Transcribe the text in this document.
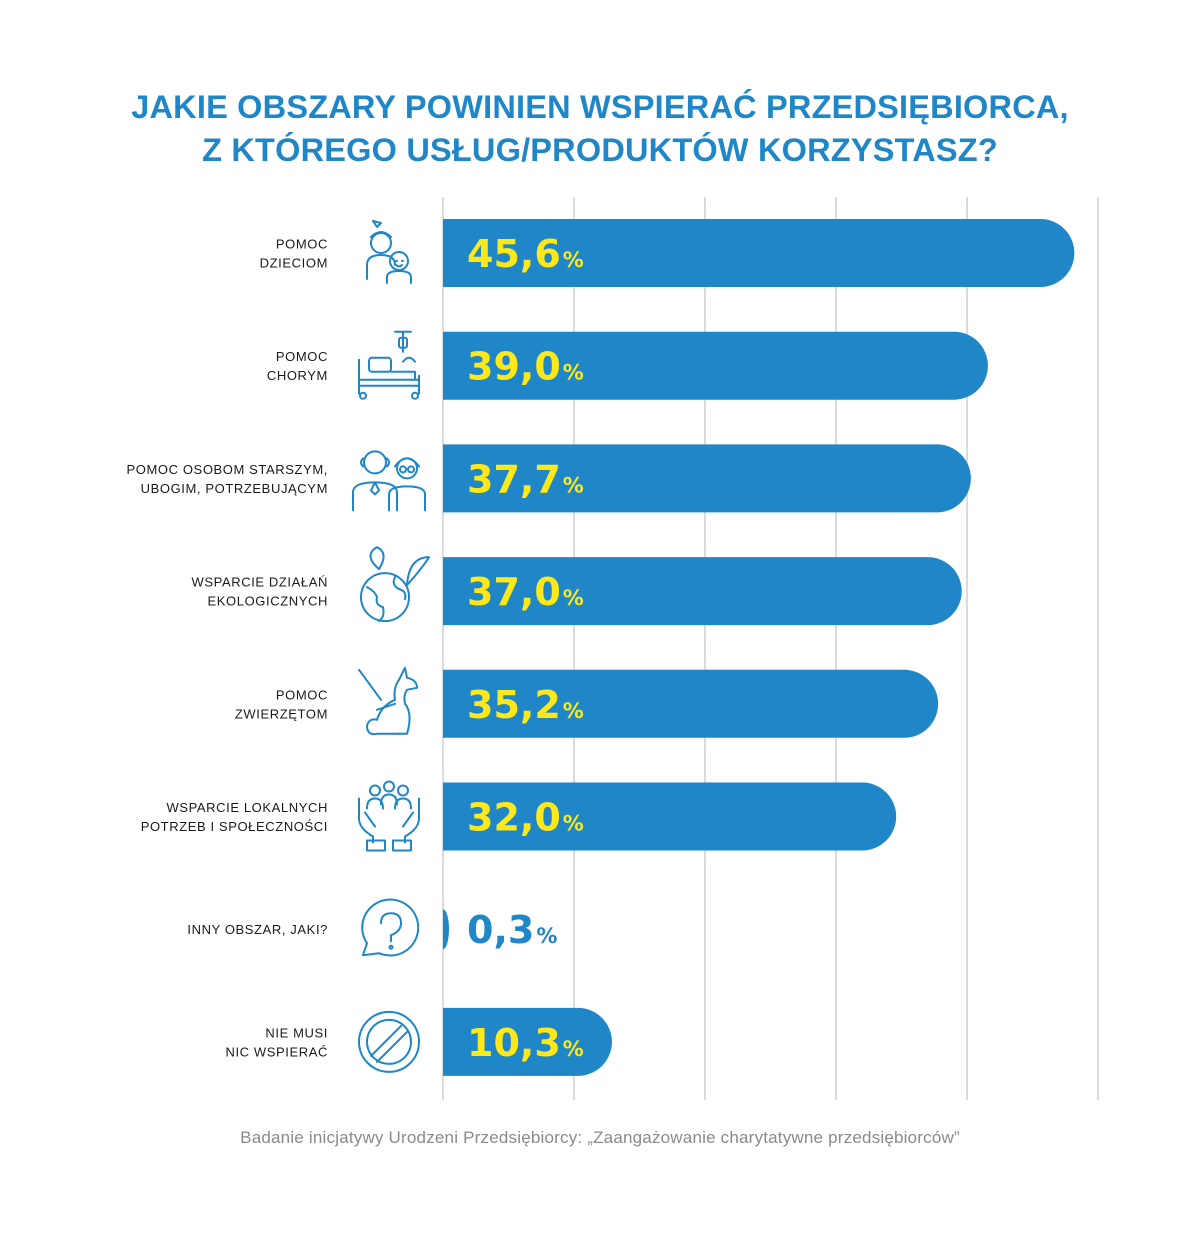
JAKIE OBSZARY POWINIEN WSPIERAĆ PRZEDSIĘBIORCA,
Z KTÓREGO USŁUG/PRODUKTÓW KORZYSTASZ?
45,6%
39,0%
37,7%
37,0%
35,2%
32,0%
0,3%
10,3%
POMOC
DZIECIOM
POMOC
CHORYM
POMOC OSOBOM STARSZYM,
UBOGIM, POTRZEBUJĄCYM
WSPARCIE DZIAŁAŃ
EKOLOGICZNYCH
POMOC
ZWIERZĘTOM
WSPARCIE LOKALNYCH
POTRZEB I SPOŁECZNOŚCI
INNY OBSZAR, JAKI?
NIE MUSI
NIC WSPIERAĆ
Badanie inicjatywy Urodzeni Przedsiębiorcy: „Zaangażowanie charytatywne przedsiębiorców”
